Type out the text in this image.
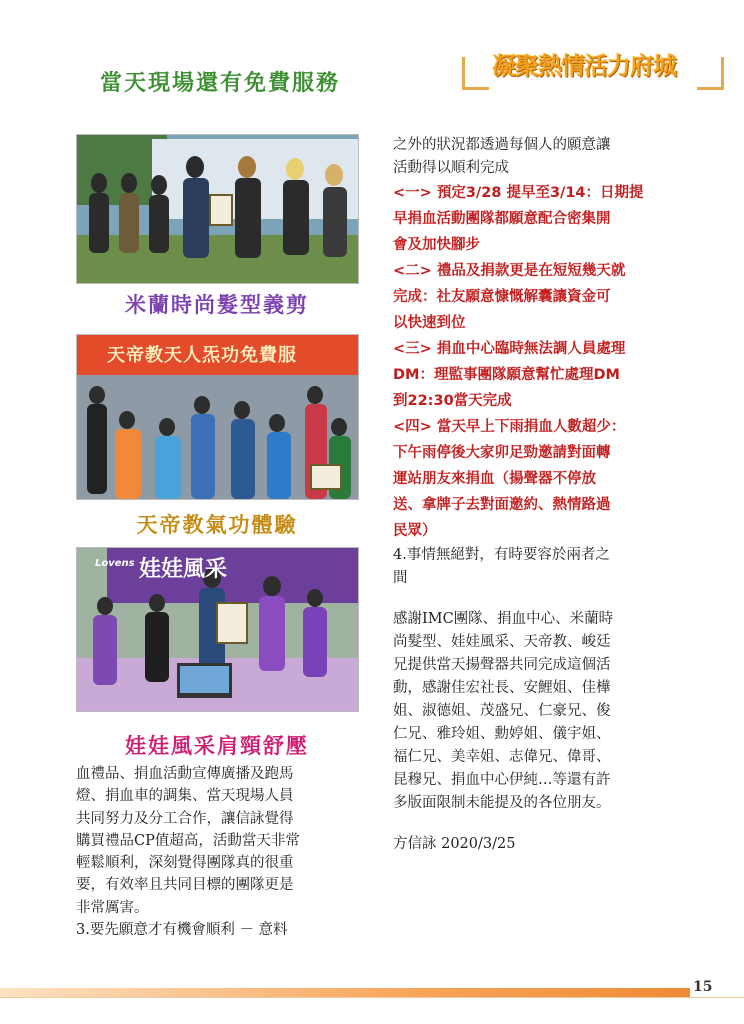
當天現場還有免費服務
凝聚熱情活力府城
米蘭時尚髮型義剪
天帝教天人炁功免費服
天帝教氣功體驗
Lovens 娃娃風采
娃娃風采肩頸舒壓

血禮品、捐血活動宣傳廣播及跑馬

燈、捐血車的調集、當天現場人員

共同努力及分工合作，讓信詠覺得

購買禮品CP值超高，活動當天非常

輕鬆順利，深刻覺得團隊真的很重

要，有效率且共同目標的團隊更是

非常厲害。

3.要先願意才有機會順利 － 意料

之外的狀況都透過每個人的願意讓

活動得以順利完成

<一> 預定3/28 提早至3/14：日期提

早捐血活動團隊都願意配合密集開

會及加快腳步

<二> 禮品及捐款更是在短短幾天就

完成：社友願意慷慨解囊讓資金可

以快速到位

<三> 捐血中心臨時無法調人員處理

DM：理監事團隊願意幫忙處理DM

到22:30當天完成

<四> 當天早上下雨捐血人數超少：

下午雨停後大家卯足勁邀請對面轉

運站朋友來捐血（揚聲器不停放

送、拿牌子去對面邀約、熱情路過

民眾）

4.事情無絕對，有時要容於兩者之

間

感謝IMC團隊、捐血中心、米蘭時

尚髮型、娃娃風采、天帝教、峻廷

兄提供當天揚聲器共同完成這個活

動，感謝佳宏社長、安鯉姐、佳樺

姐、淑德姐、茂盛兄、仁豪兄、俊

仁兄、雅玲姐、勳婷姐、儀宇姐、

福仁兄、美幸姐、志偉兄、偉哥、

昆穆兄、捐血中心伊純…等還有許

多版面限制未能提及的各位朋友。

方信詠 2020/3/25

15
